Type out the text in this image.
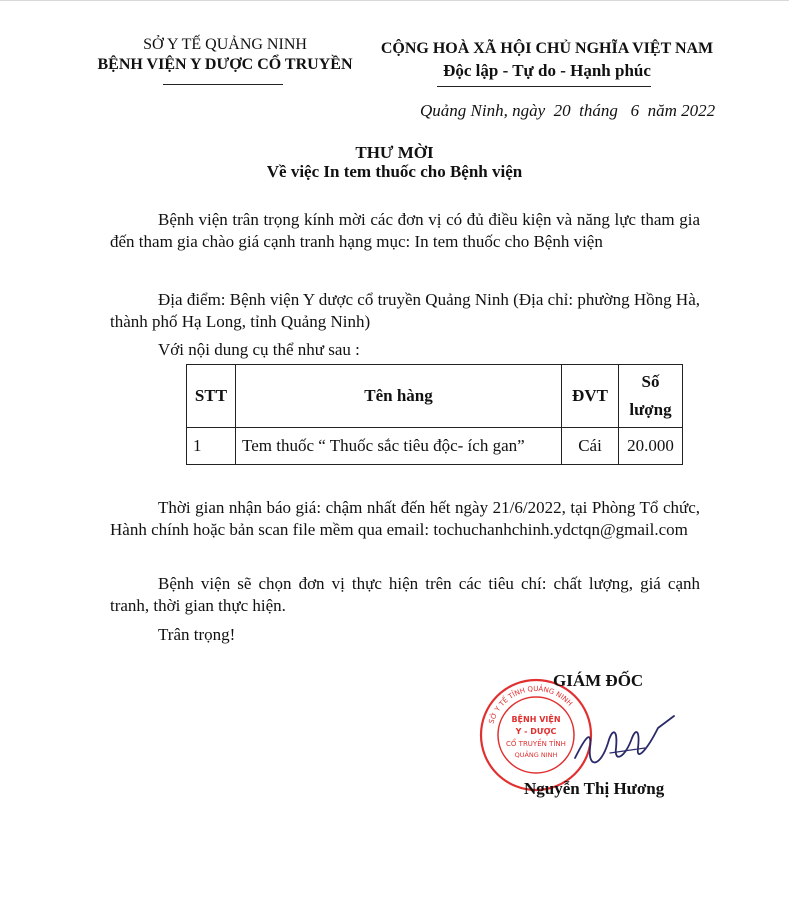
SỞ Y TẾ QUẢNG NINH
BỆNH VIỆN Y DƯỢC CỔ TRUYỀN
CỘNG HOÀ XÃ HỘI CHỦ NGHĨA VIỆT NAM
Độc lập - Tự do - Hạnh phúc
Quảng Ninh, ngày 20 tháng 6 năm 2022
THƯ MỜI
Về việc In tem thuốc cho Bệnh viện
Bệnh viện trân trọng kính mời các đơn vị có đủ điều kiện và năng lực tham gia đến tham gia chào giá cạnh tranh hạng mục: In tem thuốc cho Bệnh viện
Địa điểm: Bệnh viện Y dược cổ truyền Quảng Ninh (Địa chỉ: phường Hồng Hà, thành phố Hạ Long, tỉnh Quảng Ninh)
Với nội dung cụ thể như sau :
STT	Tên hàng	ĐVT	Số lượng
1	Tem thuốc “ Thuốc sắc tiêu độc- ích gan”	Cái	20.000
Thời gian nhận báo giá: chậm nhất đến hết ngày 21/6/2022, tại Phòng Tổ chức, Hành chính hoặc bản scan file mềm qua email: tochuchanhchinh.ydctqn@gmail.com
Bệnh viện sẽ chọn đơn vị thực hiện trên các tiêu chí: chất lượng, giá cạnh tranh, thời gian thực hiện.
Trân trọng!
SỞ Y TẾ TỈNH QUẢNG NINH
BỆNH VIỆN
Y - DƯỢC
CỔ TRUYỀN TỈNH
QUẢNG NINH
GIÁM ĐỐC
Nguyễn Thị Hương
